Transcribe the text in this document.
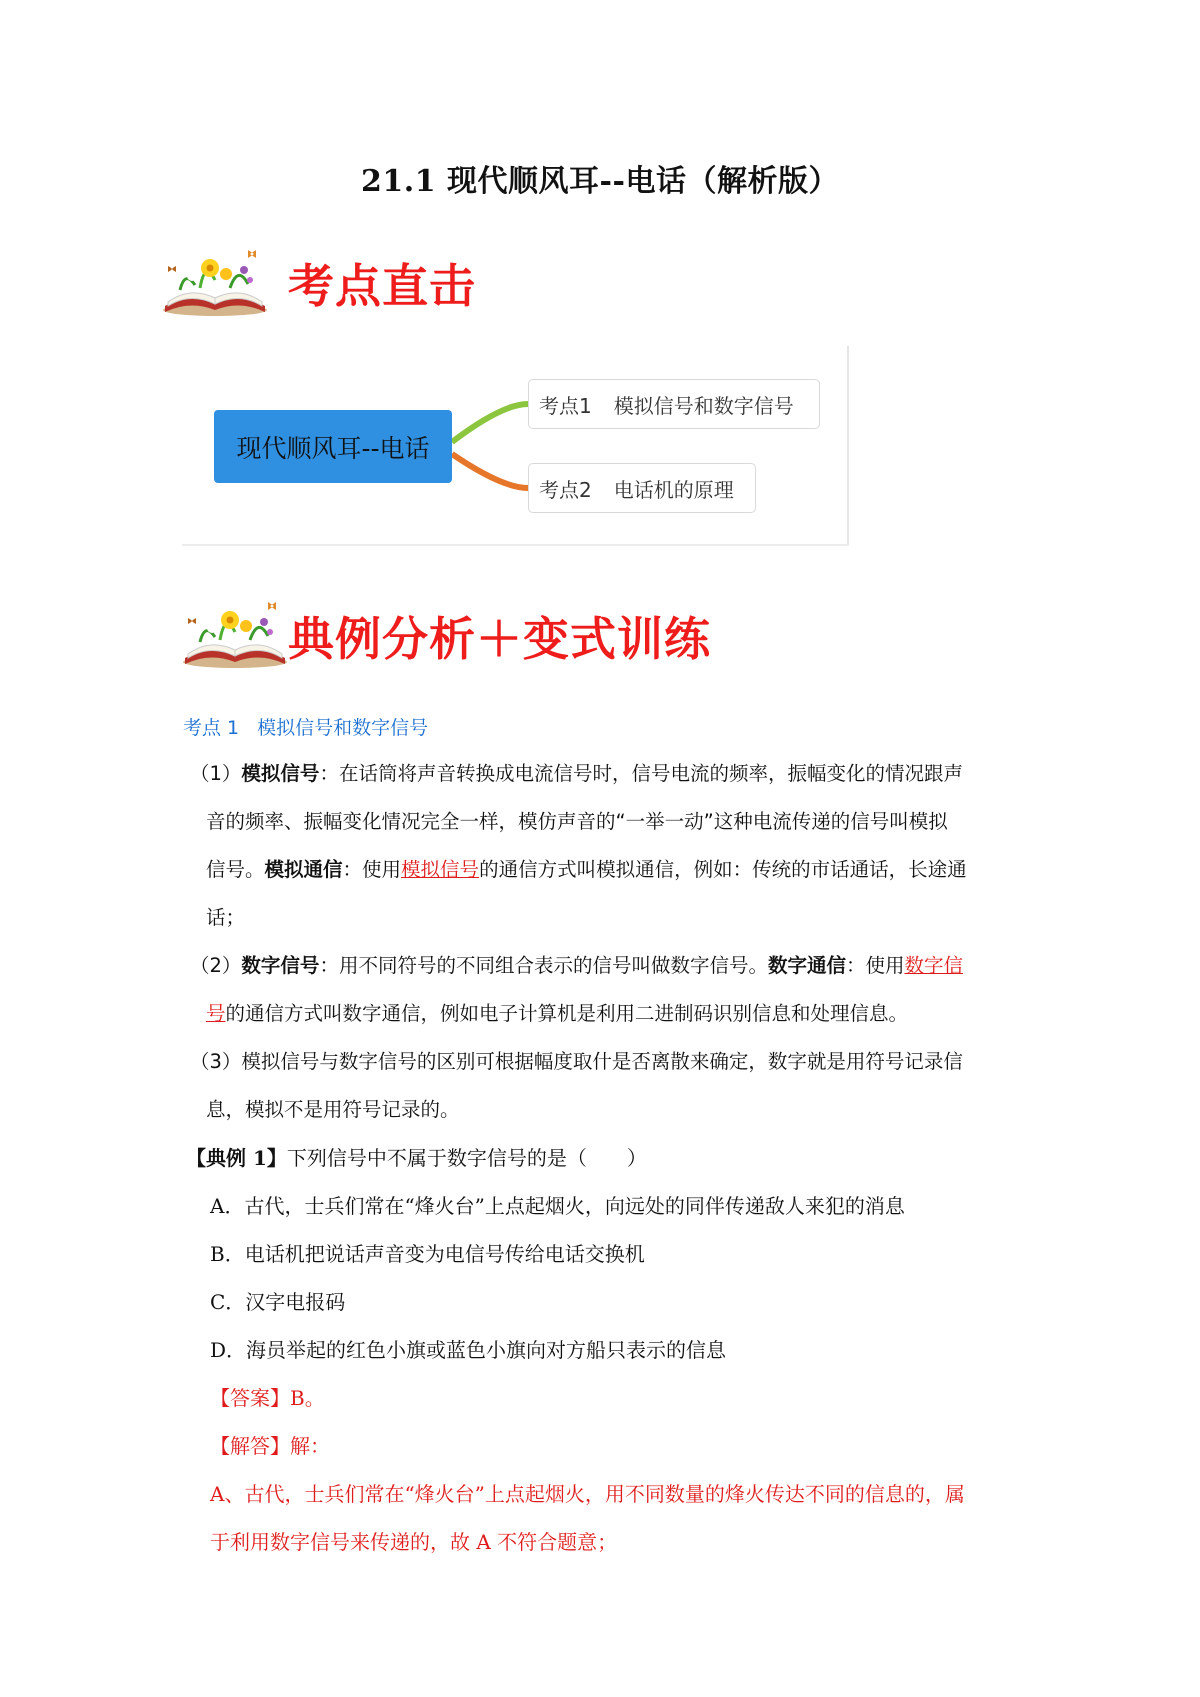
21.1 现代顺风耳--电话（解析版）
考点直击
现代顺风耳--电话
考点1 模拟信号和数字信号
考点2 电话机的原理
典例分析＋变式训练
考点 1 模拟信号和数字信号
（1）模拟信号：在话筒将声音转换成电流信号时，信号电流的频率，振幅变化的情况跟声
音的频率、振幅变化情况完全一样，模仿声音的“一举一动”这种电流传递的信号叫模拟
信号。模拟通信：使用模拟信号的通信方式叫模拟通信，例如：传统的市话通话，长途通
话；
（2）数字信号：用不同符号的不同组合表示的信号叫做数字信号。数字通信：使用数字信
号的通信方式叫数字通信，例如电子计算机是利用二进制码识别信息和处理信息。
（3）模拟信号与数字信号的区别可根据幅度取什是否离散来确定，数字就是用符号记录信
息，模拟不是用符号记录的。
【典例 1】下列信号中不属于数字信号的是（　　）
A．古代，士兵们常在“烽火台”上点起烟火，向远处的同伴传递敌人来犯的消息
B．电话机把说话声音变为电信号传给电话交换机
C．汉字电报码
D．海员举起的红色小旗或蓝色小旗向对方船只表示的信息
【答案】B。
【解答】解：
A、古代，士兵们常在“烽火台”上点起烟火，用不同数量的烽火传达不同的信息的，属
于利用数字信号来传递的，故 A 不符合题意；
